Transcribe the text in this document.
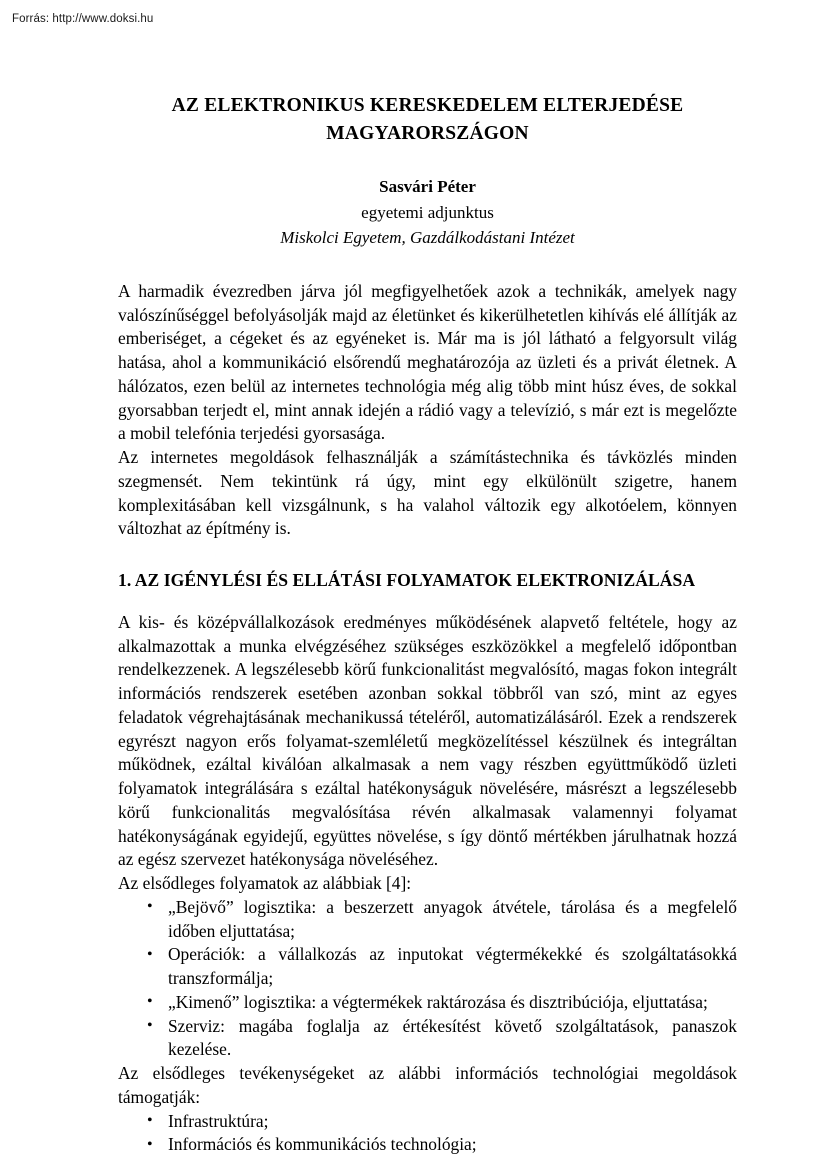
Forrás: http://www.doksi.hu
AZ ELEKTRONIKUS KERESKEDELEM ELTERJEDÉSE
MAGYARORSZÁGON
Sasvári Péter
egyetemi adjunktus
Miskolci Egyetem, Gazdálkodástani Intézet

A harmadik évezredben járva jól megfigyelhetőek azok a technikák, amelyek nagy valószínűséggel befolyásolják majd az életünket és kikerülhetetlen kihívás elé állítják az emberiséget, a cégeket és az egyéneket is. Már ma is jól látható a felgyorsult világ hatása, ahol a kommunikáció elsőrendű meghatározója az üzleti és a privát életnek. A hálózatos, ezen belül az internetes technológia még alig több mint húsz éves, de sokkal gyorsabban terjedt el, mint annak idején a rádió vagy a televízió, s már ezt is megelőzte a mobil telefónia terjedési gyorsasága.

Az internetes megoldások felhasználják a számítástechnika és távközlés minden szegmensét. Nem tekintünk rá úgy, mint egy elkülönült szigetre, hanem komplexitásában kell vizsgálnunk, s ha valahol változik egy alkotóelem, könnyen változhat az építmény is.

1. AZ IGÉNYLÉSI ÉS ELLÁTÁSI FOLYAMATOK ELEKTRONIZÁLÁSA

A kis- és középvállalkozások eredményes működésének alapvető feltétele, hogy az alkalmazottak a munka elvégzéséhez szükséges eszközökkel a megfelelő időpontban rendelkezzenek. A legszélesebb körű funkcionalitást megvalósító, magas fokon integrált információs rendszerek esetében azonban sokkal többről van szó, mint az egyes feladatok végrehajtásának mechanikussá tételéről, automatizálásáról. Ezek a rendszerek egyrészt nagyon erős folyamat-szemléletű megközelítéssel készülnek és integráltan működnek, ezáltal kiválóan alkalmasak a nem vagy részben együttműködő üzleti folyamatok integrálására s ezáltal hatékonyságuk növelésére, másrészt a legszélesebb körű funkcionalitás megvalósítása révén alkalmasak valamennyi folyamat hatékonyságának egyidejű, együttes növelése, s így döntő mértékben járulhatnak hozzá az egész szervezet hatékonysága növeléséhez.

Az elsődleges folyamatok az alábbiak [4]:

• „Bejövő” logisztika: a beszerzett anyagok átvétele, tárolása és a megfelelő időben eljuttatása;
• Operációk: a vállalkozás az inputokat végtermékekké és szolgáltatásokká transzformálja;
• „Kimenő” logisztika: a végtermékek raktározása és disztribúciója, eljuttatása;
• Szerviz: magába foglalja az értékesítést követő szolgáltatások, panaszok kezelése.

Az elsődleges tevékenységeket az alábbi információs technológiai megoldások támogatják:

• Infrastruktúra;
• Információs és kommunikációs technológia;
